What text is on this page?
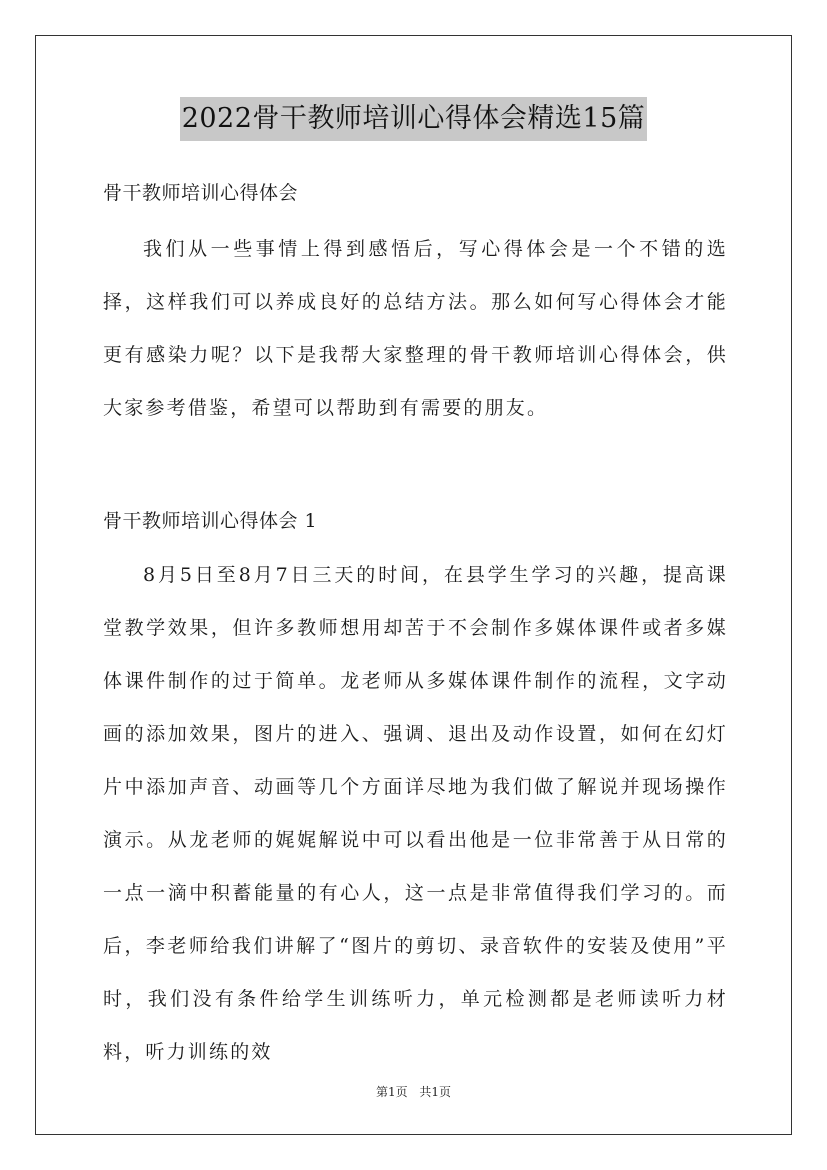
2022骨干教师培训心得体会精选15篇
骨干教师培训心得体会

我们从一些事情上得到感悟后，写心得体会是一个不错的选择，这样我们可以养成良好的总结方法。那么如何写心得体会才能更有感染力呢？以下是我帮大家整理的骨干教师培训心得体会，供大家参考借鉴，希望可以帮助到有需要的朋友。

骨干教师培训心得体会 1

8月5日至8月7日三天的时间，在县学生学习的兴趣，提高课堂教学效果，但许多教师想用却苦于不会制作多媒体课件或者多媒体课件制作的过于简单。龙老师从多媒体课件制作的流程，文字动画的添加效果，图片的进入、强调、退出及动作设置，如何在幻灯片中添加声音、动画等几个方面详尽地为我们做了解说并现场操作演示。从龙老师的娓娓解说中可以看出他是一位非常善于从日常的一点一滴中积蓄能量的有心人，这一点是非常值得我们学习的。而后，李老师给我们讲解了“图片的剪切、录音软件的安装及使用”平时，我们没有条件给学生训练听力，单元检测都是老师读听力材料，听力训练的效

第1页 共1页
